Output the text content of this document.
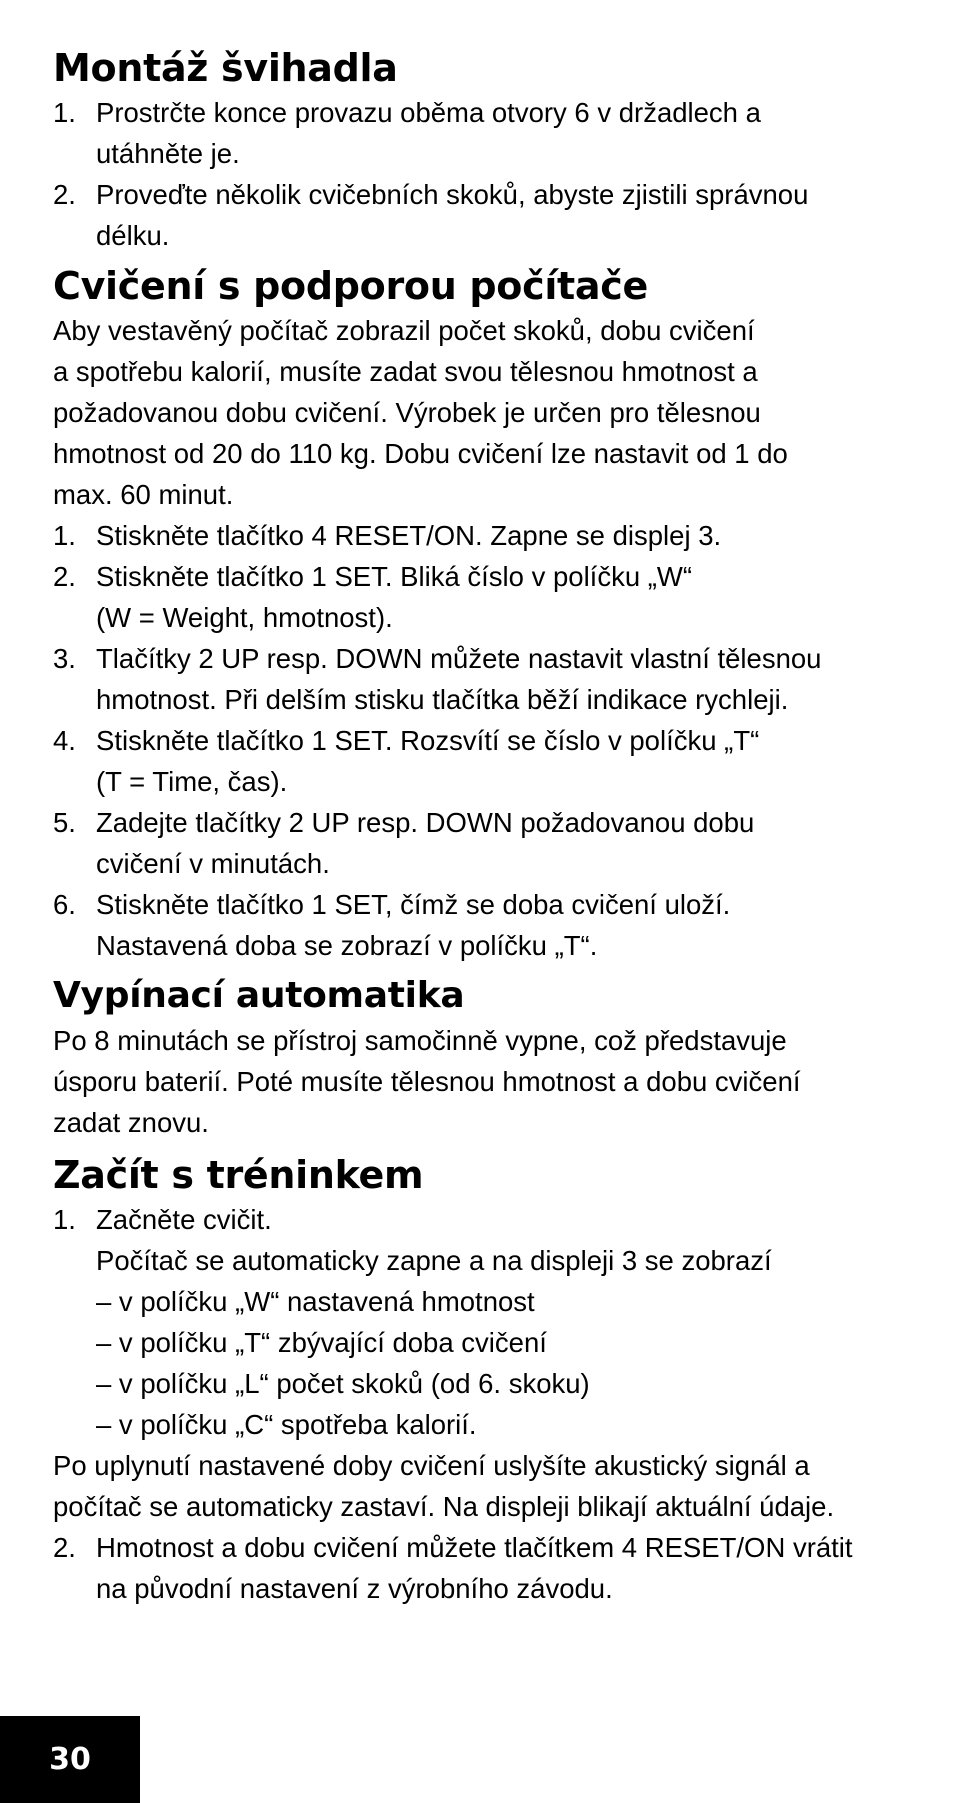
Montáž švihadla
1. Prostrčte konce provazu oběma otvory 6 v držadlech a
utáhněte je.
2. Proveďte několik cvičebních skoků, abyste zjistili správnou
délku.
Cvičení s podporou počítače

Aby vestavěný počítač zobrazil počet skoků, dobu cvičení
a spotřebu kalorií, musíte zadat svou tělesnou hmotnost a
požadovanou dobu cvičení. Výrobek je určen pro tělesnou
hmotnost od 20 do 110 kg. Dobu cvičení lze nastavit od 1 do
max. 60 minut.

1. Stiskněte tlačítko 4 RESET/ON. Zapne se displej 3.
2. Stiskněte tlačítko 1 SET. Bliká číslo v políčku „W“
(W = Weight, hmotnost).
3. Tlačítky 2 UP resp. DOWN můžete nastavit vlastní tělesnou
hmotnost. Při delším stisku tlačítka běží indikace rychleji.
4. Stiskněte tlačítko 1 SET. Rozsvítí se číslo v políčku „T“
(T = Time, čas).
5. Zadejte tlačítky 2 UP resp. DOWN požadovanou dobu
cvičení v minutách.
6. Stiskněte tlačítko 1 SET, čímž se doba cvičení uloží.
Nastavená doba se zobrazí v políčku „T“.
Vypínací automatika

Po 8 minutách se přístroj samočinně vypne, což představuje
úsporu baterií. Poté musíte tělesnou hmotnost a dobu cvičení
zadat znovu.

Začít s tréninkem
1. Začněte cvičit.
Počítač se automaticky zapne a na displeji 3 se zobrazí
– v políčku „W“ nastavená hmotnost
– v políčku „T“ zbývající doba cvičení
– v políčku „L“ počet skoků (od 6. skoku)
– v políčku „C“ spotřeba kalorií.

Po uplynutí nastavené doby cvičení uslyšíte akustický signál a
počítač se automaticky zastaví. Na displeji blikají aktuální údaje.

2. Hmotnost a dobu cvičení můžete tlačítkem 4 RESET/ON vrátit
na původní nastavení z výrobního závodu.
30
